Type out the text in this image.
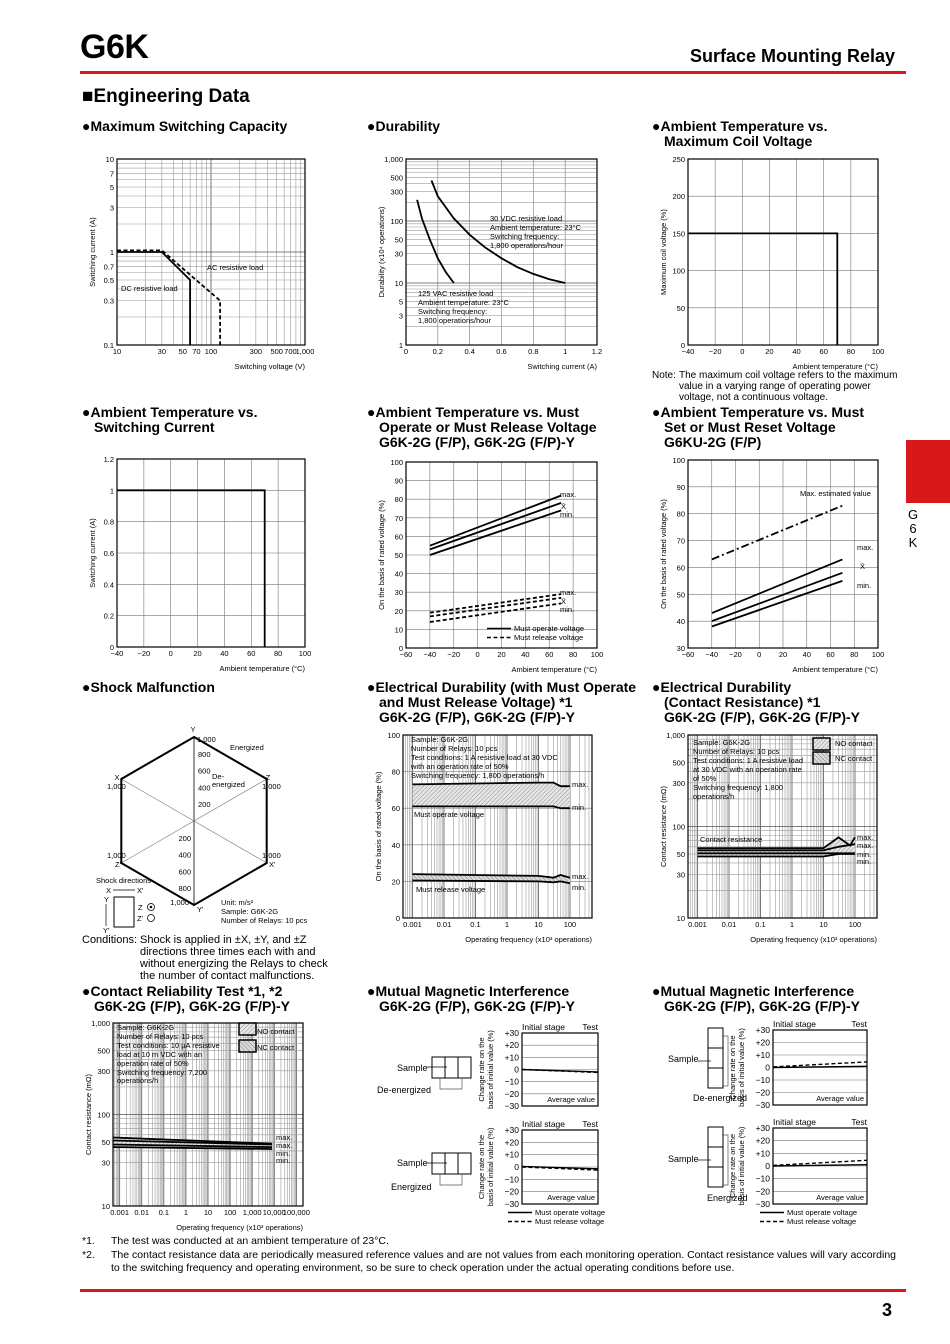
G6K	Surface Mounting Relay
■Engineering Data
G
6
K
●Maximum Switching Capacity	●Durability	●Ambient Temperature vs.
Maximum Coil Voltage
●Ambient Temperature vs.
Switching Current
●Ambient Temperature vs. Must
Operate or Must Release Voltage
G6K-2G (F/P), G6K-2G (F/P)-Y
●Ambient Temperature vs. Must
Set or Must Reset Voltage
G6KU-2G (F/P)
●Shock Malfunction	●Electrical Durability (with Must Operate
and Must Release Voltage) *1
G6K-2G (F/P), G6K-2G (F/P)-Y
●Electrical Durability
(Contact Resistance) *1
G6K-2G (F/P), G6K-2G (F/P)-Y
●Contact Reliability Test *1, *2
G6K-2G (F/P), G6K-2G (F/P)-Y
●Mutual Magnetic Interference
G6K-2G (F/P), G6K-2G (F/P)-Y
●Mutual Magnetic Interference
G6K-2G (F/P), G6K-2G (F/P)-Y
Note: The maximum coil voltage refers to the maximum value in a varying range of operating power voltage, not a continuous voltage.
Conditions: Shock is applied in ±X, ±Y, and ±Z
directions three times each with and
without energizing the Relays to check
the number of contact malfunctions.
10	30 50 70 100	300 500 700
1,000
0.1
0.3
0.5
0.7
1
3
5
7
10
Switching voltage (V)
Switching current (A)	AC resistive load
DC resistive load
0	0.2	0.4	0.6	0.8	1	1.2
1
3
5
10
30
50
100
300
500
1,000
Switching current (A)
Durability (x10⁴ operations)	30 VDC resistive load
Ambient temperature: 23°C
Switching frequency:
1,800 operations/hour
125 VAC resistive load
Ambient temperature: 23°C
Switching frequency:
1,800 operations/hour
−40 −20 0	20	40	60	80 100
0
50
100
150
200
250
Ambient temperature (°C)
Maximum coil voltage (%)
−40 −20 0	20 40 60 80 100
0
0.2
0.4
0.6
0.8
1
1.2
Ambient temperature (°C)
Switching current (A)
−60 −40 −20 0 20 40 60 80 100
0
10
20
30
40
50
60
70
80
90
100
Ambient temperature (°C)
On the basis of rated voltage (%)
max.
X̄
min.
max.
X̄
min.
Must operate voltage
Must release voltage
−60 −40 −20 0 20 40 60 80 100
30
40
50
60
70
80
90
100
Ambient temperature (°C)
On the basis of rated voltage (%)
Max. estimated value
max.
X̄
min.
0.001 0.01	0.1	1	10	100
0
20
40
60
80
100
Operating frequency (x10³ operations)
On the basis of rated voltage (%)
Sample: G6K-2G
Number of Relays: 10 pcs
Test conditions: 1 A resistive load at 30 VDC
with an operation rate of 50%
Switching frequency: 1,800 operations/h
max.
min.
Must operate voltage
max.
min.
Must release voltage
0.001 0.01	0.1	1	10	100
10
30
50
100
300
500
1,000
Operating frequency (x10³ operations)
Contact resistance (mΩ)
Sample: G6K-2G
Number of Relays: 10 pcs
Test conditions: 1 A resistive load
at 30 VDC with an operation rate
of 50%
Switching frequency: 1,800
operations/h
NO contact
NC contact
Contact resistance	max.
max.
min.
min.
0.001 0.01 0.1 1 10 100 1,000 10,000
100,000
10
30
50
100
300
500
1,000
Operating frequency (x10³ operations)
Contact resistance (mΩ)
Sample: G6K-2G
Number of Relays: 10 pcs
Test conditions: 10 µA resistive
load at 10 m VDC with an
operation rate of 50%
Switching frequency: 7,200
operations/h
NO contact
NC contact
max.
max.
min.
min.
+30
+20
+10
0
−10
−20
−30
Initial stage Test
Change rate on the basis of initial value (%)	Average value
Sample
De-energized
+30
+20
+10
0
−10
−20
−30
Initial stage Test
Change rate on the basis of initial value (%)	Average value
Sample
Energized
Must operate voltage
Must release voltage
+30
+20
+10
0
−10
−20
−30
Initial stage	Test
Change rate on the basis of initial value (%)	Average value
Sample
De-energized
+30
+20
+10
0
−10
−20
−30
Initial stage	Test
Change rate on the basis of initial value (%)	Average value
Sample
Energized
Must operate voltage
Must release voltage
200
200
400
400
600
600
800
800
1,000
Y
Y'
1,000
X
1,000
Z
1,000
1,000
Z'
1,000
X'
Energized
De-
energized
Shock directions
X	X'
Y
Y'
Z
Z'
Unit: m/s²
Sample: G6K-2G
Number of Relays: 10 pcs
*1. The test was conducted at an ambient temperature of 23°C.
*2. The contact resistance data are periodically measured reference values and are not values from each monitoring operation. Contact resistance values will vary according to the switching frequency and operating environment, so be sure to check operation under the actual operating conditions before use.
3
